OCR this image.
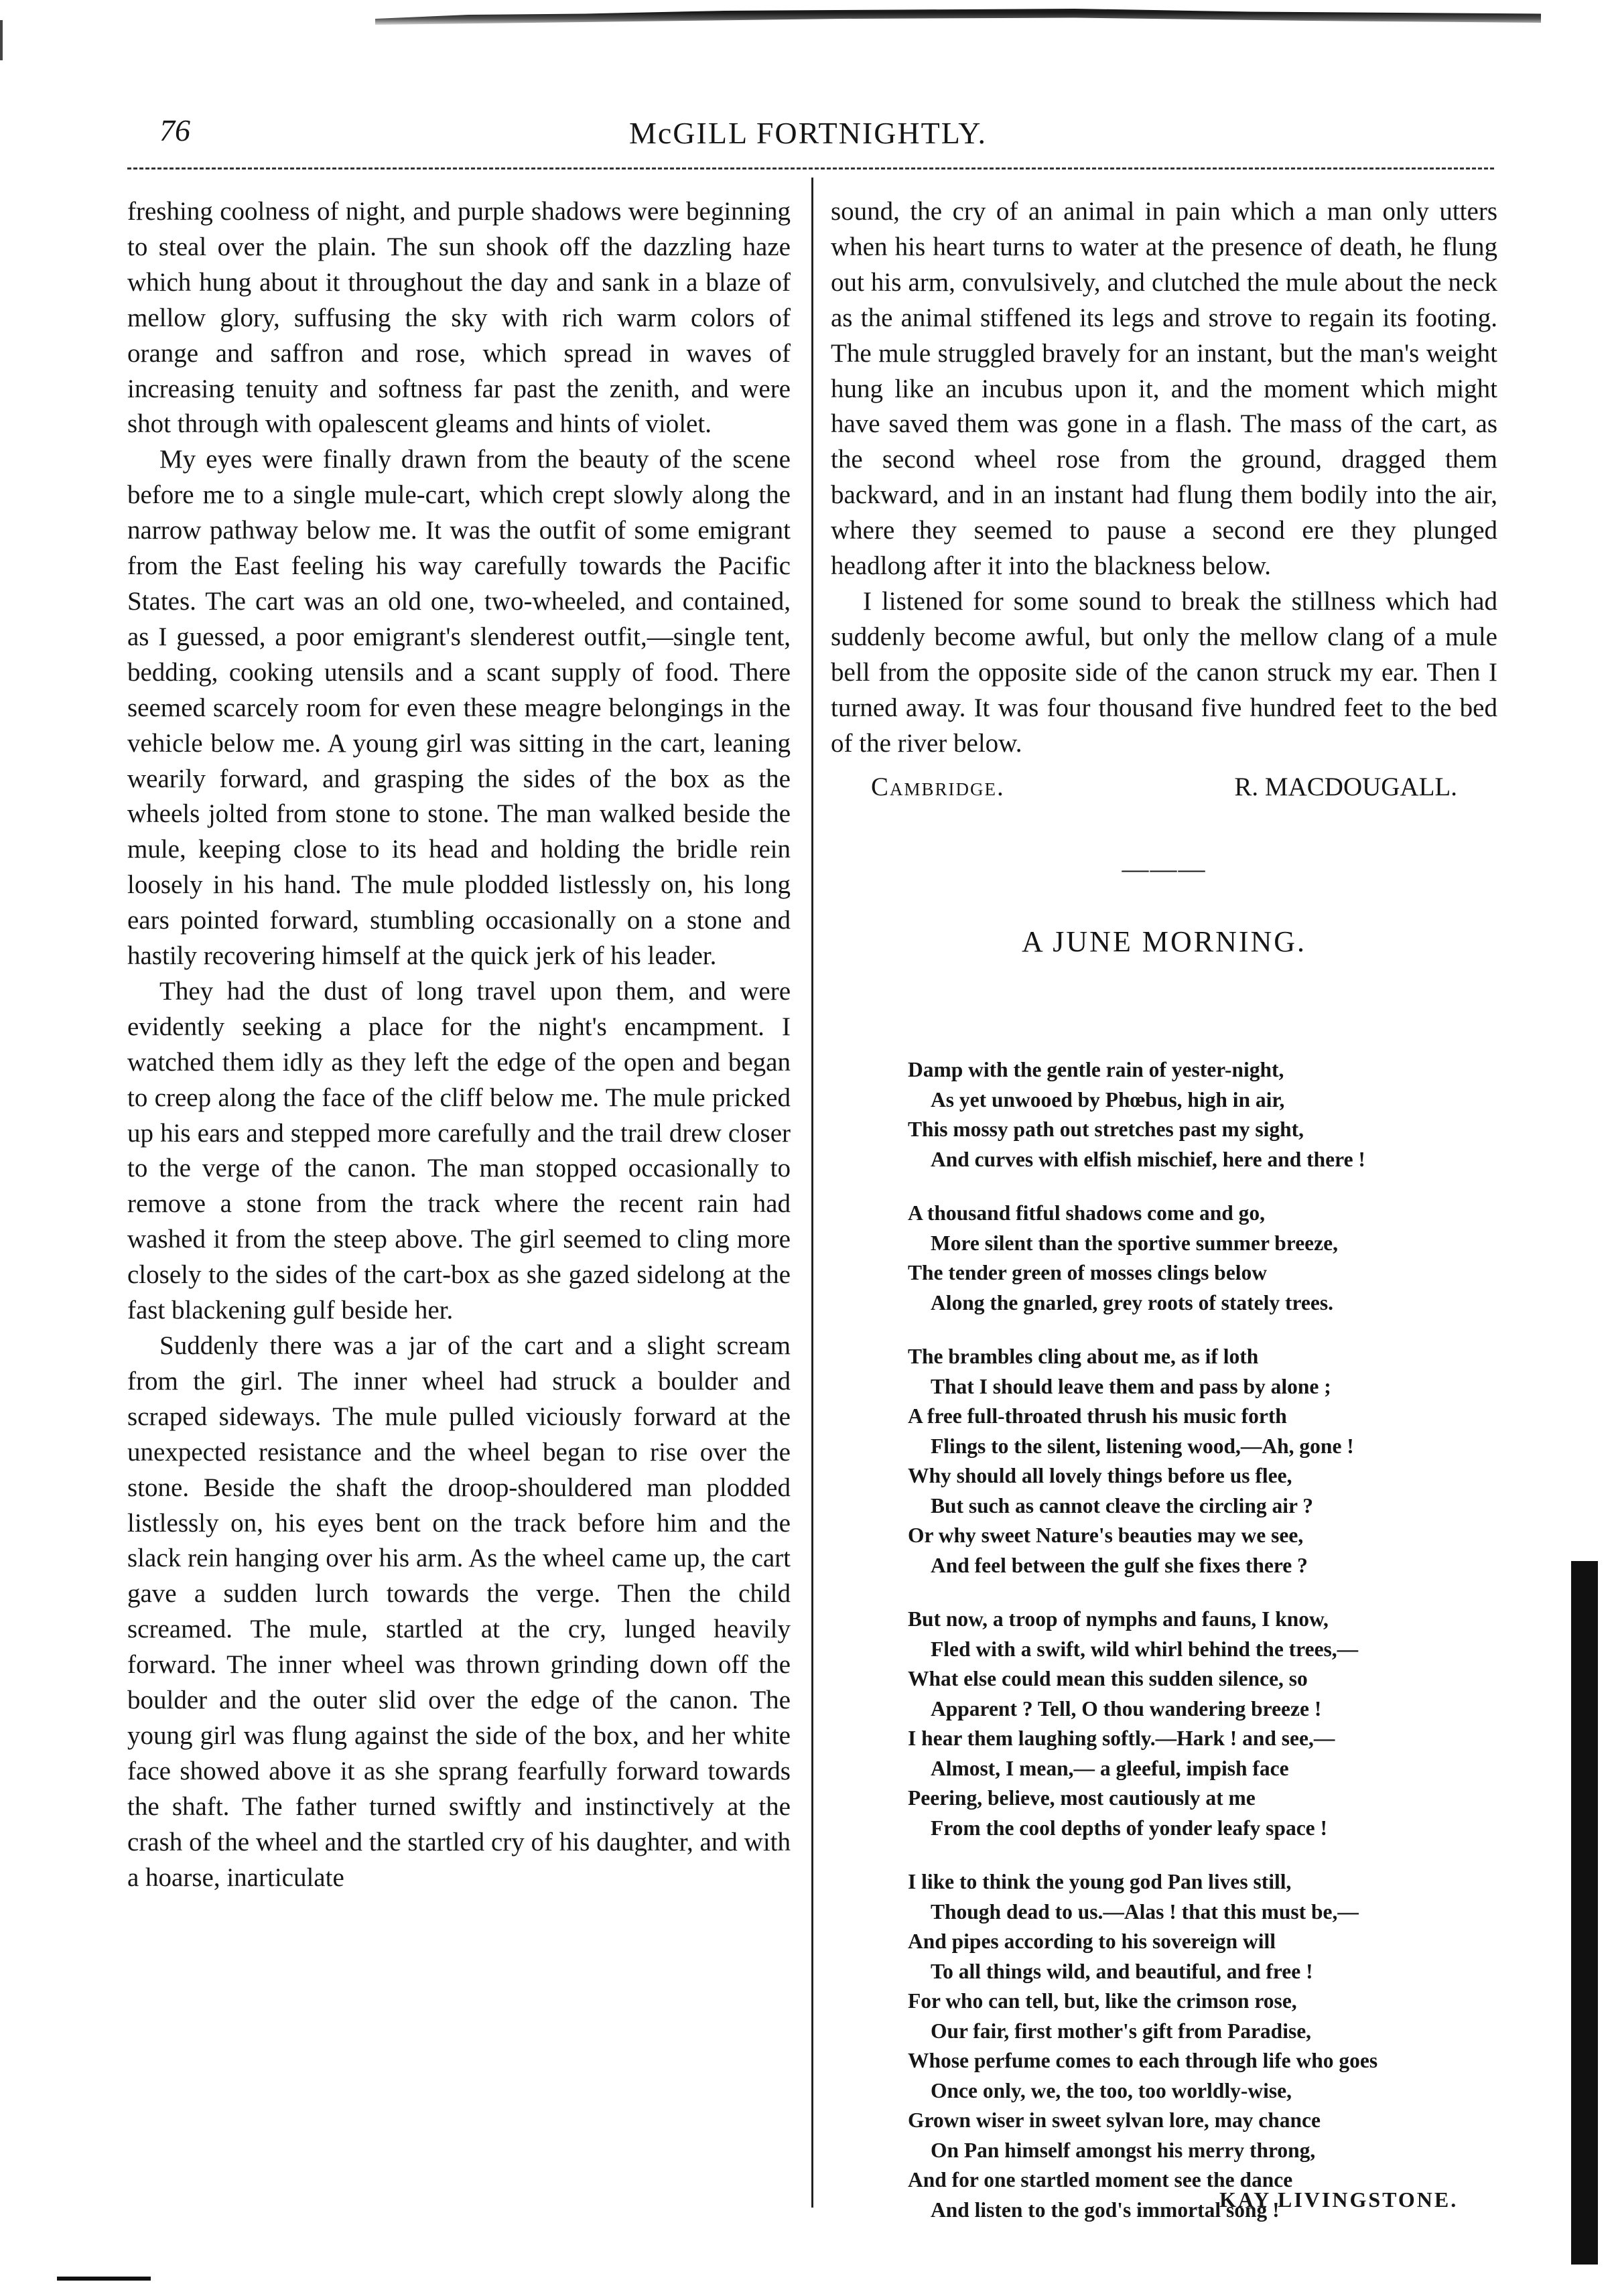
76	McGILL FORTNIGHTLY.

freshing coolness of night, and purple shadows were beginning to steal over the plain. The sun shook off the dazzling haze which hung about it throughout the day and sank in a blaze of mellow glory, suffusing the sky with rich warm colors of orange and saffron and rose, which spread in waves of increasing tenuity and softness far past the zenith, and were shot through with opalescent gleams and hints of violet.

My eyes were finally drawn from the beauty of the scene before me to a single mule-cart, which crept slowly along the narrow pathway below me. It was the outfit of some emigrant from the East feeling his way carefully towards the Pacific States. The cart was an old one, two-wheeled, and contained, as I guessed, a poor emigrant's slenderest outfit,—single tent, bedding, cooking utensils and a scant supply of food. There seemed scarcely room for even these meagre belongings in the vehicle below me. A young girl was sitting in the cart, leaning wearily forward, and grasping the sides of the box as the wheels jolted from stone to stone. The man walked beside the mule, keeping close to its head and holding the bridle rein loosely in his hand. The mule plodded listlessly on, his long ears pointed forward, stumbling occasionally on a stone and hastily recovering himself at the quick jerk of his leader.

They had the dust of long travel upon them, and were evidently seeking a place for the night's encampment. I watched them idly as they left the edge of the open and began to creep along the face of the cliff below me. The mule pricked up his ears and stepped more carefully and the trail drew closer to the verge of the canon. The man stopped occasionally to remove a stone from the track where the recent rain had washed it from the steep above. The girl seemed to cling more closely to the sides of the cart-box as she gazed sidelong at the fast blackening gulf beside her.

Suddenly there was a jar of the cart and a slight scream from the girl. The inner wheel had struck a boulder and scraped sideways. The mule pulled viciously forward at the unexpected resistance and the wheel began to rise over the stone. Beside the shaft the droop-shouldered man plodded listlessly on, his eyes bent on the track before him and the slack rein hanging over his arm. As the wheel came up, the cart gave a sudden lurch towards the verge. Then the child screamed. The mule, startled at the cry, lunged heavily forward. The inner wheel was thrown grinding down off the boulder and the outer slid over the edge of the canon. The young girl was flung against the side of the box, and her white face showed above it as she sprang fearfully forward towards the shaft. The father turned swiftly and instinctively at the crash of the wheel and the startled cry of his daughter, and with a hoarse, inarticulate

sound, the cry of an animal in pain which a man only utters when his heart turns to water at the presence of death, he flung out his arm, convulsively, and clutched the mule about the neck as the animal stiffened its legs and strove to regain its footing. The mule struggled bravely for an instant, but the man's weight hung like an incubus upon it, and the moment which might have saved them was gone in a flash. The mass of the cart, as the second wheel rose from the ground, dragged them backward, and in an instant had flung them bodily into the air, where they seemed to pause a second ere they plunged headlong after it into the blackness below.

I listened for some sound to break the stillness which had suddenly become awful, but only the mellow clang of a mule bell from the opposite side of the canon struck my ear. Then I turned away. It was four thousand five hundred feet to the bed of the river below.

Cambridge.	R. MACDOUGALL.
———
A JUNE MORNING.
Damp with the gentle rain of yester-night,
As yet unwooed by Phœbus, high in air,
This mossy path out stretches past my sight,
And curves with elfish mischief, here and there !
A thousand fitful shadows come and go,
More silent than the sportive summer breeze,
The tender green of mosses clings below
Along the gnarled, grey roots of stately trees.
The brambles cling about me, as if loth
That I should leave them and pass by alone ;
A free full-throated thrush his music forth
Flings to the silent, listening wood,—Ah, gone !
Why should all lovely things before us flee,
But such as cannot cleave the circling air ?
Or why sweet Nature's beauties may we see,
And feel between the gulf she fixes there ?
But now, a troop of nymphs and fauns, I know,
Fled with a swift, wild whirl behind the trees,—
What else could mean this sudden silence, so
Apparent ? Tell, O thou wandering breeze !
I hear them laughing softly.—Hark ! and see,—
Almost, I mean,— a gleeful, impish face
Peering, believe, most cautiously at me
From the cool depths of yonder leafy space !
I like to think the young god Pan lives still,
Though dead to us.—Alas ! that this must be,—
And pipes according to his sovereign will
To all things wild, and beautiful, and free !
For who can tell, but, like the crimson rose,
Our fair, first mother's gift from Paradise,
Whose perfume comes to each through life who goes
Once only, we, the too, too worldly-wise,
Grown wiser in sweet sylvan lore, may chance
On Pan himself amongst his merry throng,
And for one startled moment see the dance
And listen to the god's immortal song !
KAY LIVINGSTONE.
